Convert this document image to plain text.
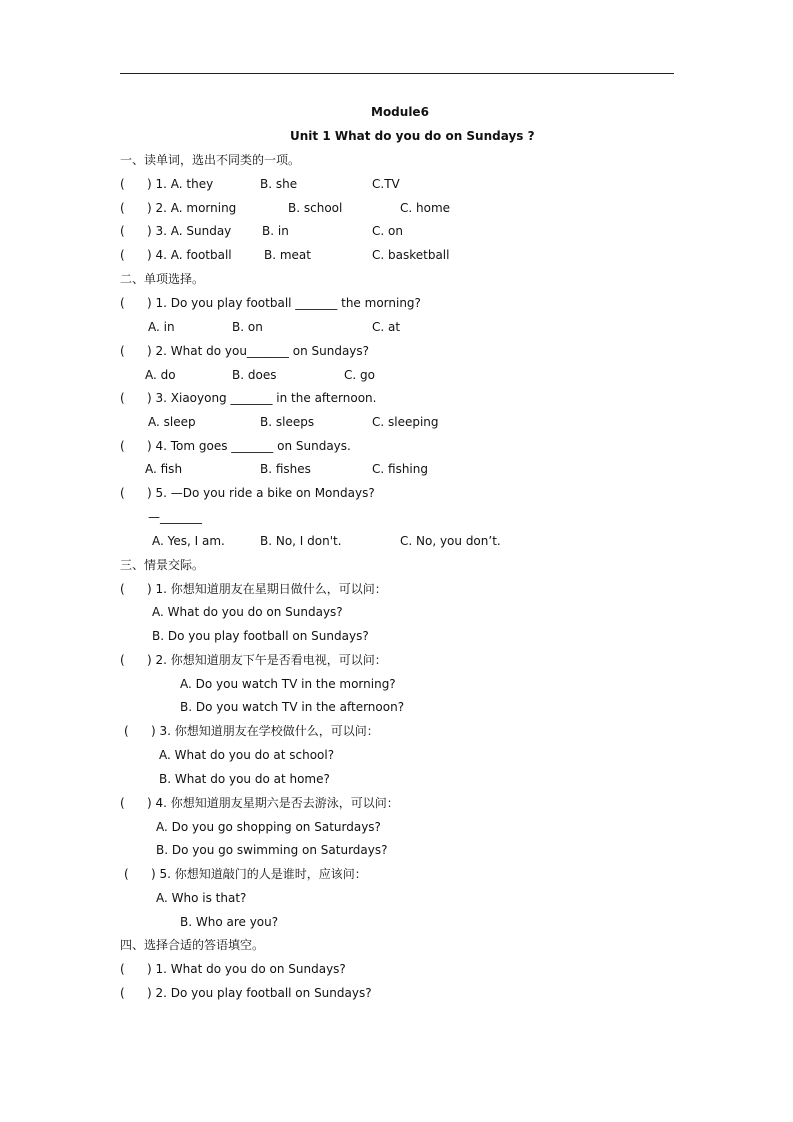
Module6
Unit 1 What do you do on Sundays ?
一、读单词，选出不同类的一项。
( ) 1. A. they	B. she	C.TV
( ) 2. A. morning	B. school	C. home
( ) 3. A. Sunday	B. in	C. on
( ) 4. A. football	B. meat	C. basketball
二、单项选择。
( ) 1. Do you play football _______ the morning?
A. in	B. on	C. at
( ) 2. What do you_______ on Sundays?
A. do	B. does	C. go
( ) 3. Xiaoyong _______ in the afternoon.
A. sleep	B. sleeps	C. sleeping
( ) 4. Tom goes _______ on Sundays.
A. fish	B. fishes	C. fishing
( ) 5. —Do you ride a bike on Mondays?
—_______
A. Yes, I am.	B. No, I don't.	C. No, you don’t.
三、情景交际。
( ) 1. 你想知道朋友在星期日做什么，可以问：
A. What do you do on Sundays?
B. Do you play football on Sundays?
( ) 2. 你想知道朋友下午是否看电视，可以问：
A. Do you watch TV in the morning?
B. Do you watch TV in the afternoon?
( ) 3. 你想知道朋友在学校做什么，可以问：
A. What do you do at school?
B. What do you do at home?
( ) 4. 你想知道朋友星期六是否去游泳，可以问：
A. Do you go shopping on Saturdays?
B. Do you go swimming on Saturdays?
( ) 5. 你想知道敲门的人是谁时，应该问：
A. Who is that?
B. Who are you?
四、选择合适的答语填空。
( ) 1. What do you do on Sundays?
( ) 2. Do you play football on Sundays?
